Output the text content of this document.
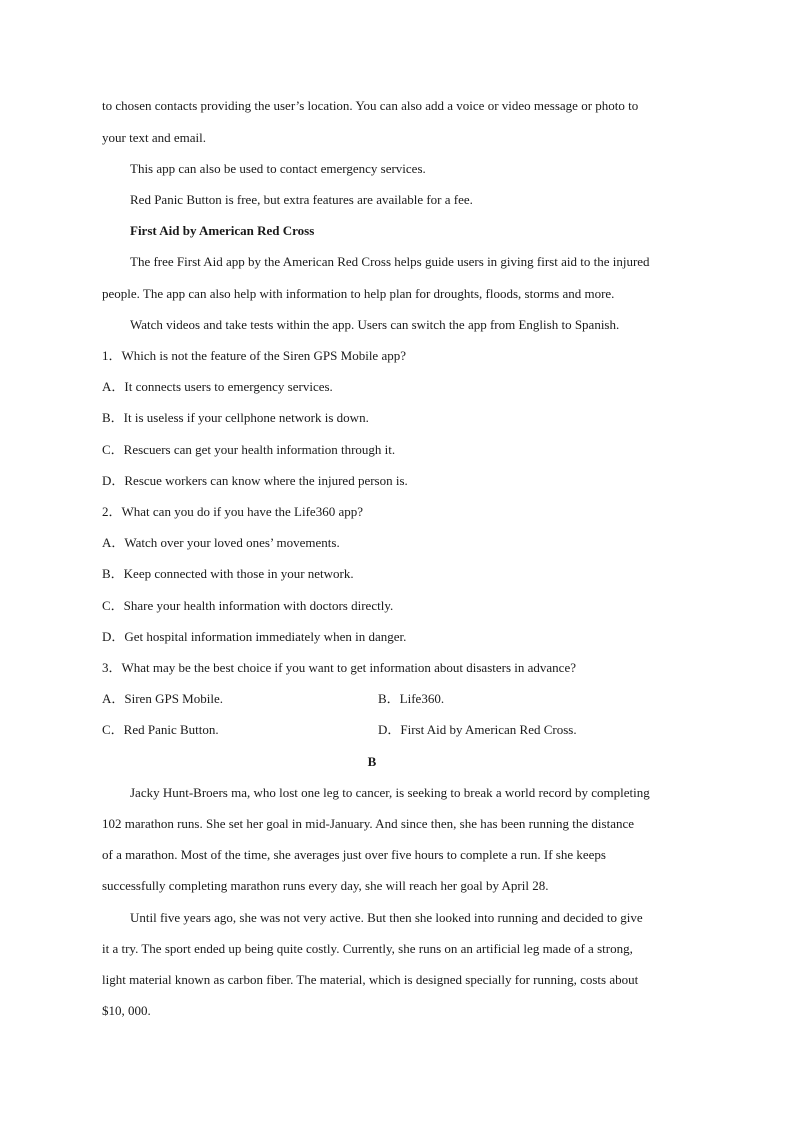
to chosen contacts providing the user’s location. You can also add a voice or video message or photo to
your text and email.
This app can also be used to contact emergency services.
Red Panic Button is free, but extra features are available for a fee.
First Aid by American Red Cross
The free First Aid app by the American Red Cross helps guide users in giving first aid to the injured
people. The app can also help with information to help plan for droughts, floods, storms and more.
Watch videos and take tests within the app. Users can switch the app from English to Spanish.
1．Which is not the feature of the Siren GPS Mobile app?
A．It connects users to emergency services.
B．It is useless if your cellphone network is down.
C．Rescuers can get your health information through it.
D．Rescue workers can know where the injured person is.
2．What can you do if you have the Life360 app?
A．Watch over your loved ones’ movements.
B．Keep connected with those in your network.
C．Share your health information with doctors directly.
D．Get hospital information immediately when in danger.
3．What may be the best choice if you want to get information about disasters in advance?
A．Siren GPS Mobile.	B．Life360.
C．Red Panic Button.	D．First Aid by American Red Cross.
B
Jacky Hunt-Broers ma, who lost one leg to cancer, is seeking to break a world record by completing
102 marathon runs. She set her goal in mid-January. And since then, she has been running the distance
of a marathon. Most of the time, she averages just over five hours to complete a run. If she keeps
successfully completing marathon runs every day, she will reach her goal by April 28.
Until five years ago, she was not very active. But then she looked into running and decided to give
it a try. The sport ended up being quite costly. Currently, she runs on an artificial leg made of a strong,
light material known as carbon fiber. The material, which is designed specially for running, costs about
$10, 000.
